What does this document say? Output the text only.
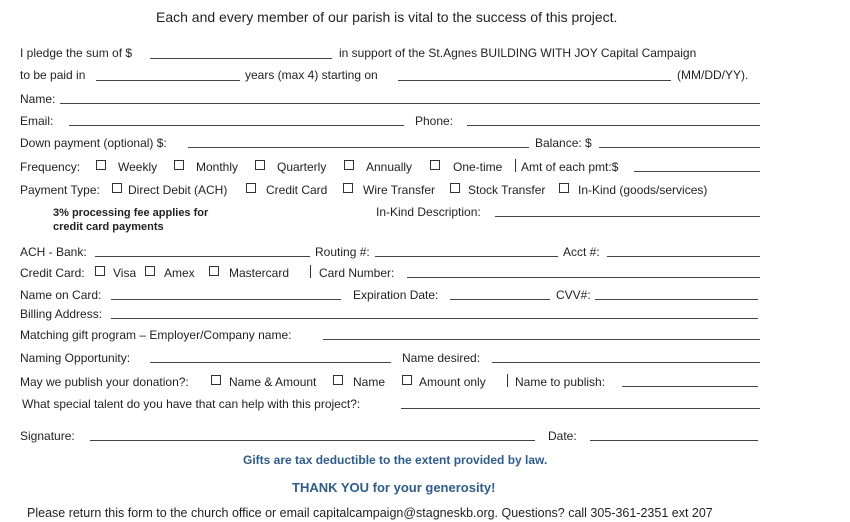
Each and every member of our parish is vital to the success of this project.
I pledge the sum of $	in support of the St.Agnes BUILDING WITH JOY Capital Campaign
to be paid in	years (max 4) starting on	(MM/DD/YY).
Name:
Email:	Phone:
Down payment (optional) $:	Balance: $
Frequency:	Weekly	Monthly	Quarterly	Annually	One-time Amt of each pmt:$
Payment Type: Direct Debit (ACH)	Credit Card	Wire Transfer	Stock Transfer	In-Kind (goods/services)
3% processing fee applies for
credit card payments
In-Kind Description:
ACH - Bank:	Routing #:	Acct #:
Credit Card: Visa Amex	Mastercard Card Number:
Name on Card:	Expiration Date:	CVV#:
Billing Address:
Matching gift program – Employer/Company name:
Naming Opportunity:	Name desired:
May we publish your donation?:	Name & Amount	Name	Amount only Name to publish:
What special talent do you have that can help with this project?:
Signature:	Date:
Gifts are tax deductible to the extent provided by law.
THANK YOU for your generosity!
Please return this form to the church office or email capitalcampaign@stagneskb.org. Questions? call 305-361-2351 ext 207
